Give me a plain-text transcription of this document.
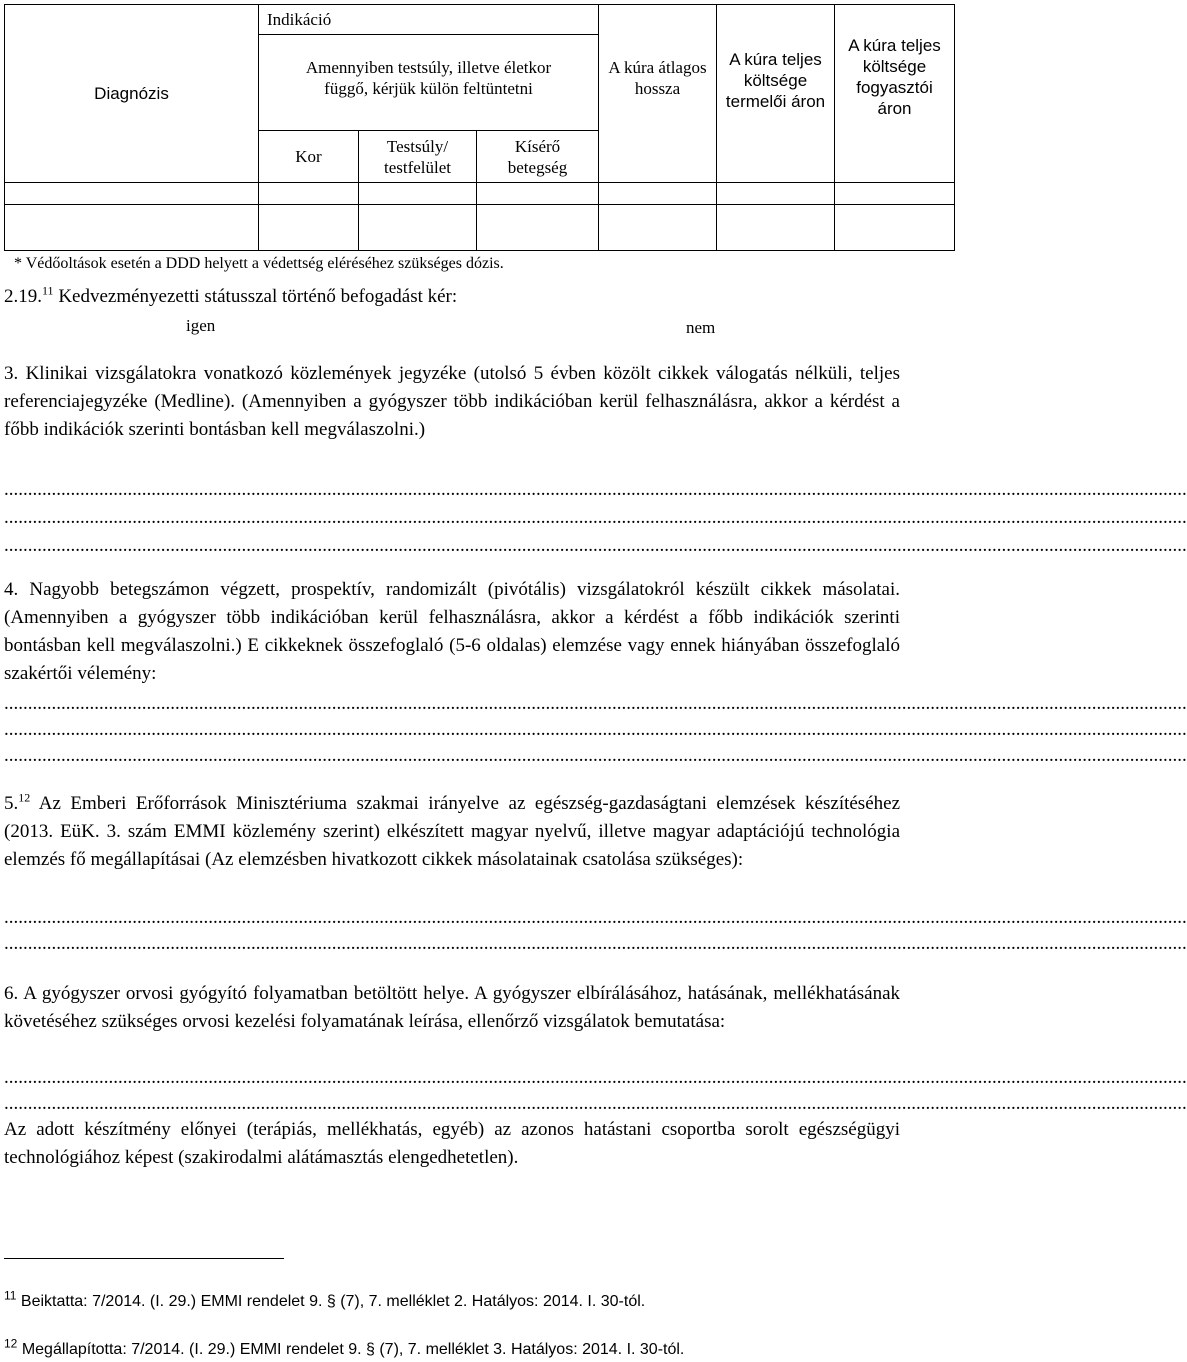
Diagnózis	Indikáció			A kúra átlagos hossza	A kúra teljes költsége termelői áron	A kúra teljes költsége fogyasztói áron
	Amennyiben testsúly, illetve életkor függő, kérjük külön feltüntetni					
	Kor	Testsúly/ testfelület	Kísérő betegség			

* Védőoltások esetén a DDD helyett a védettség eléréséhez szükséges dózis.
2.19.11 Kedvezményezetti státusszal történő befogadást kér:
igen	nem
3. Klinikai vizsgálatokra vonatkozó közlemények jegyzéke (utolsó 5 évben közölt cikkek válogatás nélküli, teljes referenciajegyzéke (Medline). (Amennyiben a gyógyszer több indikációban kerül felhasználásra, akkor a kérdést a főbb indikációk szerinti bontásban kell megválaszolni.)
.........................................................................................................................................................................................................................................................
.........................................................................................................................................................................................................................................................
.........................................................................................................................................................................................................................................................
4. Nagyobb betegszámon végzett, prospektív, randomizált (pivótális) vizsgálatokról készült cikkek másolatai. (Amennyiben a gyógyszer több indikációban kerül felhasználásra, akkor a kérdést a főbb indikációk szerinti bontásban kell megválaszolni.) E cikkeknek összefoglaló (5-6 oldalas) elemzése vagy ennek hiányában összefoglaló szakértői vélemény:
.........................................................................................................................................................................................................................................................
.........................................................................................................................................................................................................................................................
.........................................................................................................................................................................................................................................................
5.12 Az Emberi Erőforrások Minisztériuma szakmai irányelve az egészség-gazdaságtani elemzések készítéséhez (2013. EüK. 3. szám EMMI közlemény szerint) elkészített magyar nyelvű, illetve magyar adaptációjú technológia elemzés fő megállapításai (Az elemzésben hivatkozott cikkek másolatainak csatolása szükséges):
.........................................................................................................................................................................................................................................................
.........................................................................................................................................................................................................................................................
6. A gyógyszer orvosi gyógyító folyamatban betöltött helye. A gyógyszer elbírálásához, hatásának, mellékhatásának követéséhez szükséges orvosi kezelési folyamatának leírása, ellenőrző vizsgálatok bemutatása:
.........................................................................................................................................................................................................................................................
.........................................................................................................................................................................................................................................................
Az adott készítmény előnyei (terápiás, mellékhatás, egyéb) az azonos hatástani csoportba sorolt egészségügyi technológiához képest (szakirodalmi alátámasztás elengedhetetlen).
$^{11}$ Beiktatta: 7/2014. (I. 29.) EMMI rendelet 9. § (7), 7. melléklet 2. Hatályos: 2014. I. 30-tól.
$^{12}$ Megállapította: 7/2014. (I. 29.) EMMI rendelet 9. § (7), 7. melléklet 3. Hatályos: 2014. I. 30-tól.
